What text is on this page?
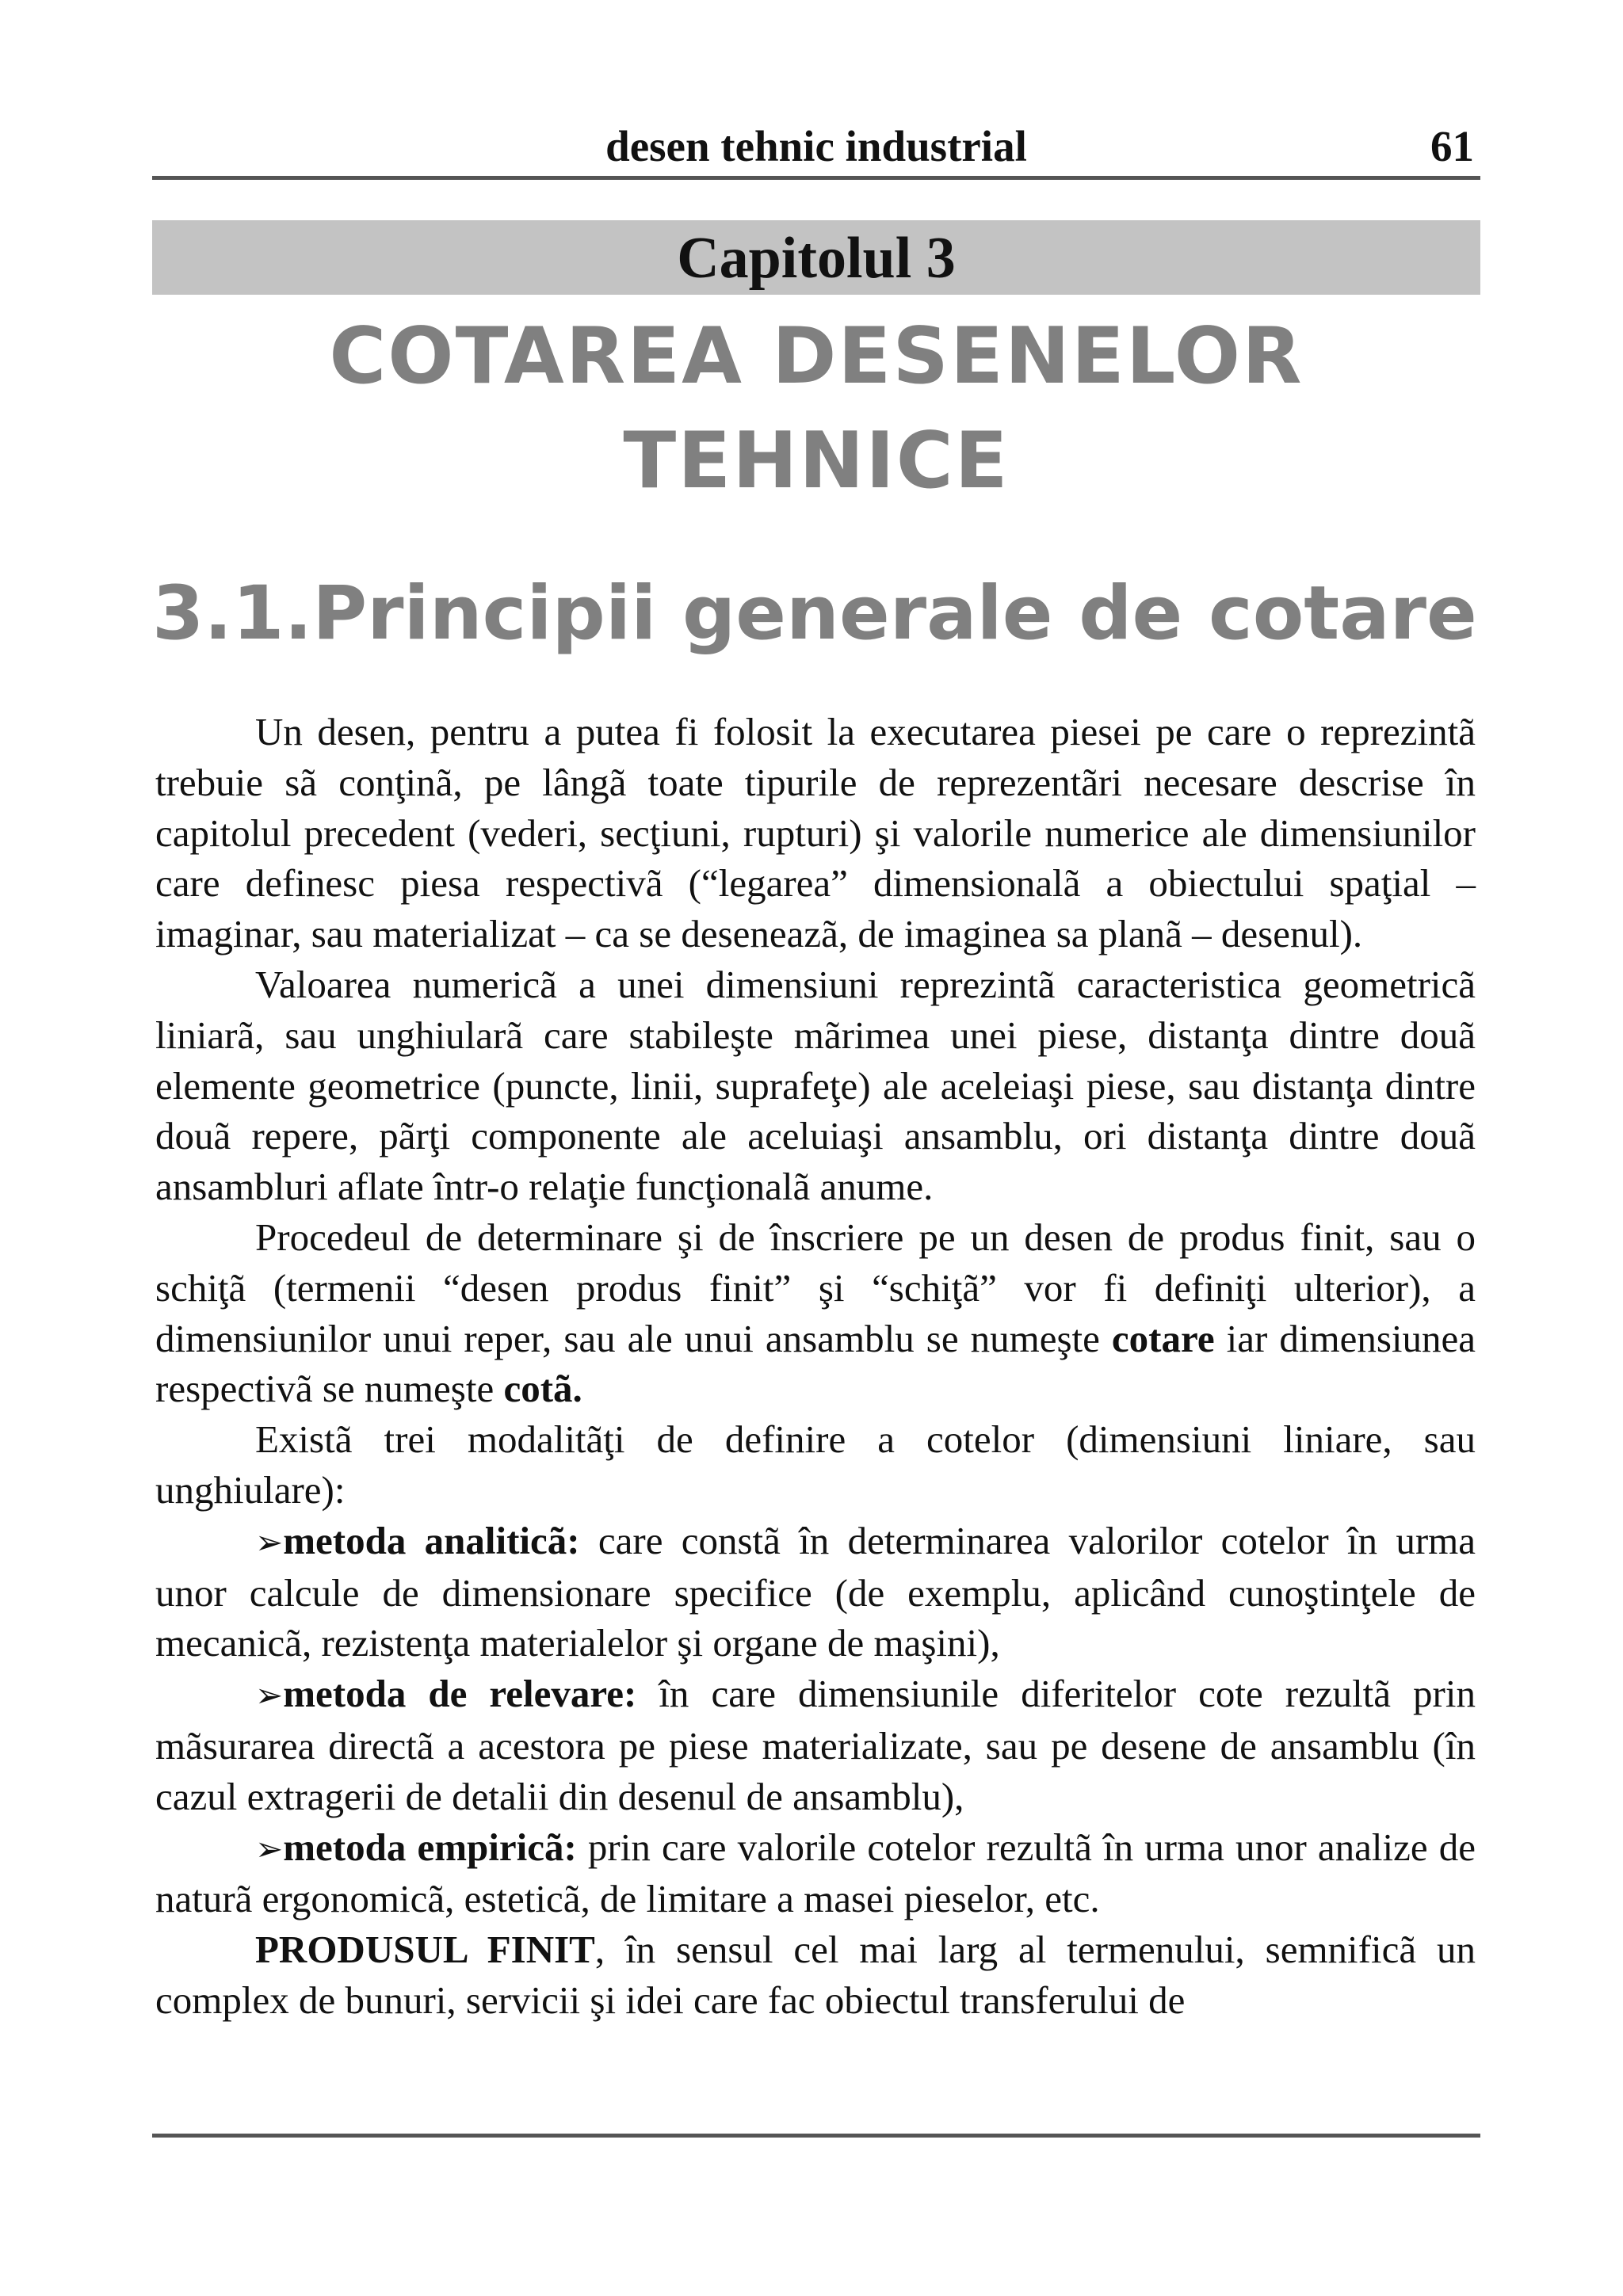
desen tehnic industrial	61
Capitolul 3
COTAREA DESENELOR
TEHNICE
3.1.Principii generale de cotare

Un desen, pentru a putea fi folosit la executarea piesei pe care o reprezintã trebuie sã conţinã, pe lângã toate tipurile de reprezentãri necesare descrise în capitolul precedent (vederi, secţiuni, rupturi) şi valorile numerice ale dimensiunilor care definesc piesa respectivã (“legarea” dimensionalã a obiectului spaţial – imaginar, sau materializat – ca se deseneazã, de imaginea sa planã – desenul).

Valoarea numericã a unei dimensiuni reprezintã caracteristica geometricã liniarã, sau unghiularã care stabileşte mãrimea unei piese, distanţa dintre douã elemente geometrice (puncte, linii, suprafeţe) ale aceleiaşi piese, sau distanţa dintre douã repere, pãrţi componente ale aceluiaşi ansamblu, ori distanţa dintre douã ansambluri aflate într-o relaţie funcţionalã anume.

Procedeul de determinare şi de înscriere pe un desen de produs finit, sau o schiţã (termenii “desen produs finit” şi “schiţã” vor fi definiţi ulterior), a dimensiunilor unui reper, sau ale unui ansamblu se numeşte cotare iar dimensiunea respectivã se numeşte cotã.

Existã trei modalitãţi de definire a cotelor (dimensiuni liniare, sau unghiulare):

➢metoda analiticã: care constã în determinarea valorilor cotelor în urma unor calcule de dimensionare specifice (de exemplu, aplicând cunoştinţele de mecanicã, rezistenţa materialelor şi organe de maşini),

➢metoda de relevare: în care dimensiunile diferitelor cote rezultã prin mãsurarea directã a acestora pe piese materializate, sau pe desene de ansamblu (în cazul extragerii de detalii din desenul de ansamblu),

➢metoda empiricã: prin care valorile cotelor rezultã în urma unor analize de naturã ergonomicã, esteticã, de limitare a masei pieselor, etc.

PRODUSUL FINIT, în sensul cel mai larg al termenului, semnificã un complex de bunuri, servicii şi idei care fac obiectul transferului de
